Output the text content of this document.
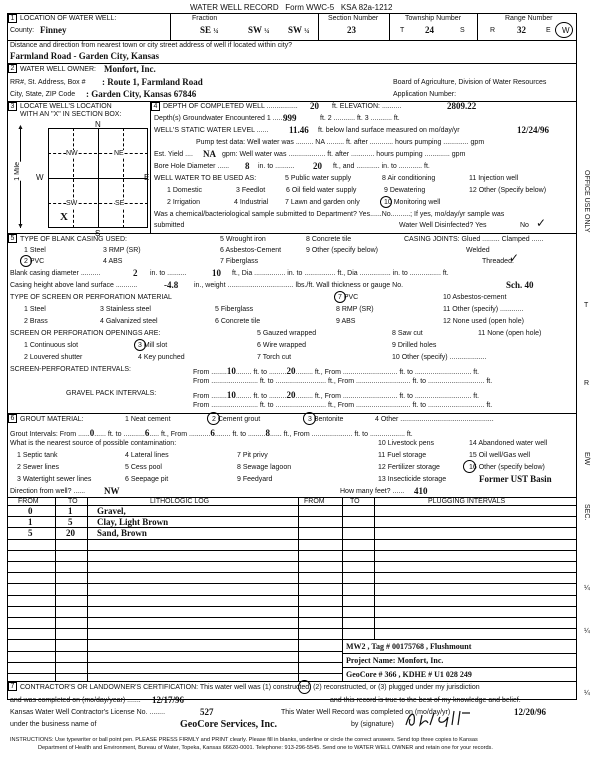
WATER WELL RECORD Form WWC-5 KSA 82a-1212
1 LOCATION OF WATER WELL:
County: Finney
Fraction
SE ¼	SW ¼ SW ¼
Section Number
23
Township Number
T 24	S
Range Number
R 32	E W
Distance and direction from nearest town or city street address of well if located within city?
Farmland Road - Garden City, Kansas
2 WATER WELL OWNER: Monfort, Inc.
RR#, St. Address, Box # : Route 1, Farmland Road
City, State, ZIP Code : Garden City, Kansas 67846
Board of Agriculture, Division of Water Resources
Application Number:
3 LOCATE WELL'S LOCATION
WITH AN "X" IN SECTION BOX:
N
S
E
W
NW	NE
SW	SE
X
▲
▼
1 Mile
4 DEPTH OF COMPLETED WELL ................ 20 ft. ELEVATION: ..........	2809.22
Depth(s) Groundwater Encountered 1 ........
999	ft. 2 ........... ft. 3 ........... ft.
WELL'S STATIC WATER LEVEL ...... 11.46 ft. below land surface measured on mo/day/yr	12/24/96
Pump test data: Well water was ......... NA ......... ft. after ............ hours pumping ............. gpm
Est. Yield .... NA gpm: Well water was ................... ft. after ............ hours pumping ............. gpm
Bore Hole Diameter ...... 8 in. to .......... 20 ft., and ............ in. to ............ ft.
WELL WATER TO BE USED AS:	5 Public water supply	8 Air conditioning	11 Injection well
1 Domestic	3 Feedlot	6 Oil field water supply	9 Dewatering	12 Other (Specify below)
2 Irrigation	4 Industrial 7 Lawn and garden only	10 Monitoring well
Was a chemical/bacteriological sample submitted to Department? Yes......No..........; If yes, mo/day/yr sample was
submitted	Water Well Disinfected? Yes	No ✓
5 TYPE OF BLANK CASING USED:	5 Wrought iron	8 Concrete tile	CASING JOINTS: Glued ......... Clamped ......
1 Steel	3 RMP (SR)	6 Asbestos-Cement	9 Other (specify below)	Welded
2 PVC	4 ABS	7 Fiberglass	Threaded.
✓
Blank casing diameter ..........	2 in. to ..........	10 ft., Dia ................ in. to ................ ft., Dia ................ in. to ................ ft.
Casing height above land surface ...........	-4.8 in., weight .................................. lbs./ft. Wall thickness or gauge No.	Sch. 40
TYPE OF SCREEN OR PERFORATION MATERIAL	7 PVC	10 Asbestos-cement
1 Steel	3 Stainless steel	5 Fiberglass	8 RMP (SR)	11 Other (specify) ............
2 Brass	4 Galvanized steel	6 Concrete tile	9 ABS	12 None used (open hole)
SCREEN OR PERFORATION OPENINGS ARE:	5 Gauzed wrapped	8 Saw cut	11 None (open hole)
1 Continuous slot	3 Mill slot	6 Wire wrapped	9 Drilled holes
2 Louvered shutter	4 Key punched	7 Torch cut	10 Other (specify) ...................
SCREEN-PERFORATED INTERVALS:	From ........10........ ft. to .........20......... ft., From ............................ ft. to ............................. ft.
From ........................ ft. to .......................... ft., From ............................ ft. to ............................. ft.
GRAVEL PACK INTERVALS:	From ........10........ ft. to .........20......... ft., From ............................ ft. to ............................. ft.
From ........................ ft. to .......................... ft., From ............................ ft. to ............................. ft.
6 GROUT MATERIAL:	1 Neat cement	2 Cement grout	3 Bentonite	4 Other ................................................
Grout Intervals: From ......0...... ft. to ...........6..... ft., From ...........6........ ft. to .........8...... ft., From ..................... ft. to .................. ft.
What is the nearest source of possible contamination:	10 Livestock pens	14 Abandoned water well
1 Septic tank	4 Lateral lines	7 Pit privy	11 Fuel storage	15 Oil well/Gas well
2 Sewer lines	5 Cess pool	8 Sewage lagoon	12 Fertilizer storage	16 Other (specify below)
3 Watertight sewer lines	6 Seepage pit	9 Feedyard	13 Insecticide storage	Former UST Basin
Direction from well? ...... NW	How many feet? ...... 410
FROM	TO	LITHOLOGIC LOG	FROM	TO	PLUGGING INTERVALS
0	1	Gravel,
1	5	Clay, Light Brown
5	20 Sand, Brown
MW2 , Tag # 00175768 , Flushmount
Project Name: Monfort, Inc.
GeoCore # 366 , KDHE # U1 028 249
7 CONTRACTOR'S OR LANDOWNER'S CERTIFICATION: This water well was (1) constructed, (2) reconstructed, or (3) plugged under my jurisdiction
and was completed on (mo/day/year) ....... 12/17/96	and this record is true to the best of my knowledge and belief.
Kansas Water Well Contractor's License No. ........	527	This Water Well Record was completed on (mo/day/yr)	12/20/96
under the business name of	GeoCore Services, Inc.	by (signature)
INSTRUCTIONS: Use typewriter or ball point pen. PLEASE PRESS FIRMLY and PRINT clearly. Please fill in blanks, underline or circle the correct answers. Send top three copies to Kansas
Department of Health and Environment, Bureau of Water, Topeka, Kansas 66620-0001. Telephone: 913-296-5545. Send one to WATER WELL OWNER and retain one for your records.
OFFICE USE ONLY
T
R
E/W
SEC.
¼
¼
¼
